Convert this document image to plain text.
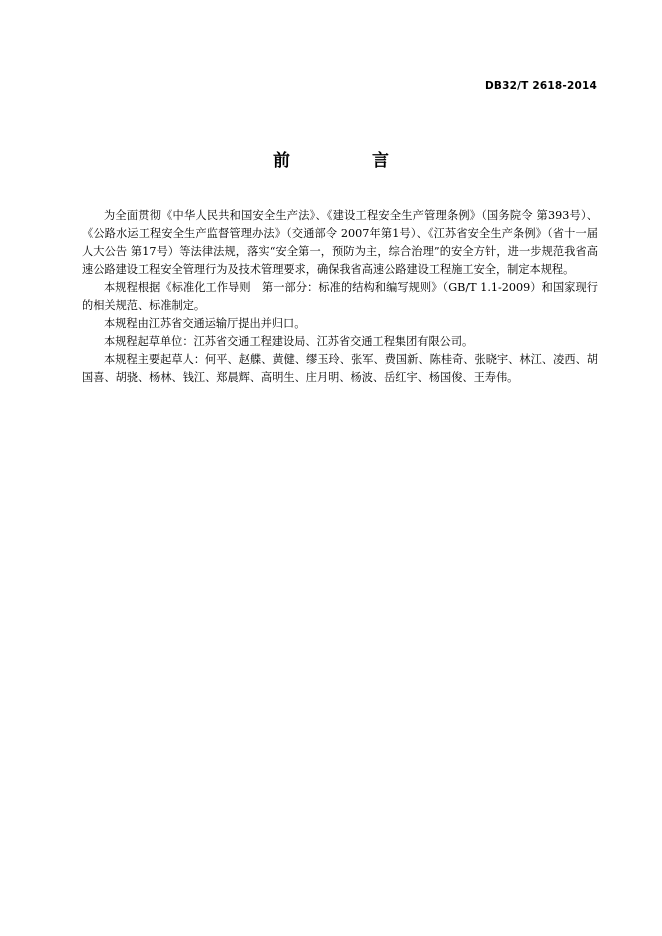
DB32/T 2618-2014
前 言

为全面贯彻《中华人民共和国安全生产法》、《建设工程安全生产管理条例》（国务院令 第393号）、《公路水运工程安全生产监督管理办法》（交通部令 2007年第1号）、《江苏省安全生产条例》（省十一届人大公告 第17号）等法律法规，落实“安全第一，预防为主，综合治理”的安全方针，进一步规范我省高速公路建设工程安全管理行为及技术管理要求，确保我省高速公路建设工程施工安全，制定本规程。

本规程根据《标准化工作导则　第一部分：标准的结构和编写规则》（GB/T 1.1-2009）和国家现行的相关规范、标准制定。

本规程由江苏省交通运输厅提出并归口。

本规程起草单位：江苏省交通工程建设局、江苏省交通工程集团有限公司。

本规程主要起草人：何平、赵艓、黄健、缪玉玲、张军、费国新、陈桂奇、张晓宇、林江、凌西、胡国喜、胡骁、杨林、钱江、郑晨辉、高明生、庄月明、杨波、岳红宇、杨国俊、王寿伟。
